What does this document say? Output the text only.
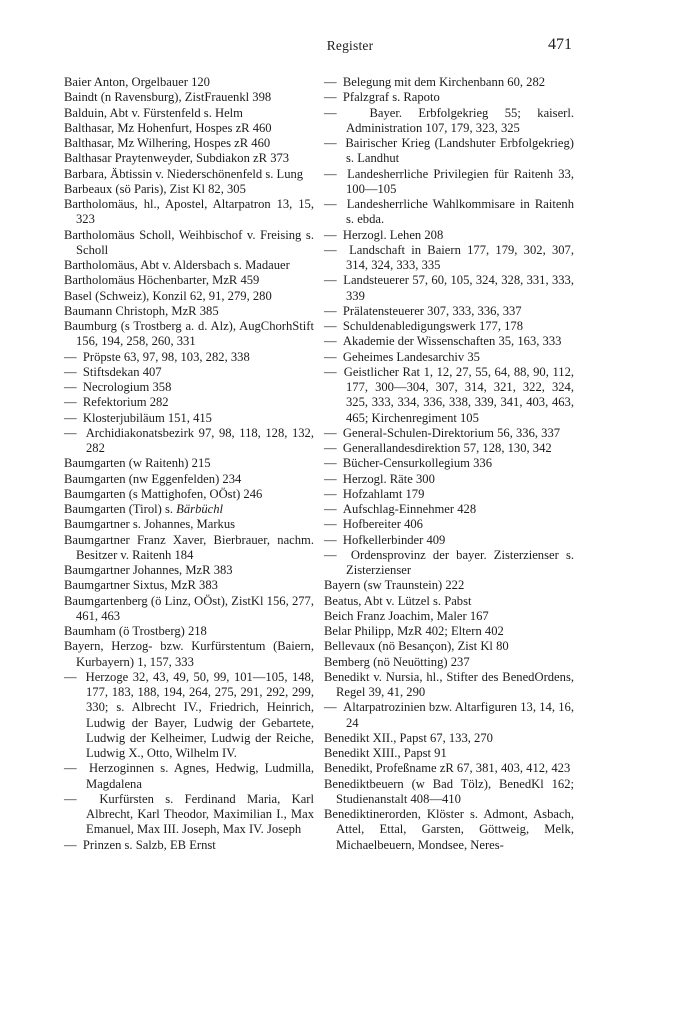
Register	471
Baier Anton, Orgelbauer 120
Baindt (n Ravensburg), ZistFrauenkl 398
Balduin, Abt v. Fürstenfeld s. Helm
Balthasar, Mz Hohenfurt, Hospes zR 460
Balthasar, Mz Wilhering, Hospes zR 460
Balthasar Praytenweyder, Subdiakon zR 373
Barbara, Äbtissin v. Niederschönenfeld s. Lung
Barbeaux (sö Paris), Zist Kl 82, 305
Bartholomäus, hl., Apostel, Altarpatron 13, 15, 323
Bartholomäus Scholl, Weihbischof v. Freising s. Scholl
Bartholomäus, Abt v. Aldersbach s. Madauer
Bartholomäus Höchenbarter, MzR 459
Basel (Schweiz), Konzil 62, 91, 279, 280
Baumann Christoph, MzR 385
Baumburg (s Trostberg a. d. Alz), AugChorhStift 156, 194, 258, 260, 331
—  Pröpste 63, 97, 98, 103, 282, 338
—  Stiftsdekan 407
—  Necrologium 358
—  Refektorium 282
—  Klosterjubiläum 151, 415
—  Archidiakonatsbezirk 97, 98, 118, 128, 132, 282
Baumgarten (w Raitenh) 215
Baumgarten (nw Eggenfelden) 234
Baumgarten (s Mattighofen, OÖst) 246
Baumgarten (Tirol) s. Bärbüchl
Baumgartner s. Johannes, Markus
Baumgartner Franz Xaver, Bierbrauer, nachm. Besitzer v. Raitenh 184
Baumgartner Johannes, MzR 383
Baumgartner Sixtus, MzR 383
Baumgartenberg (ö Linz, OÖst), ZistKl 156, 277, 461, 463
Baumham (ö Trostberg) 218
Bayern, Herzog- bzw. Kurfürstentum (Baiern, Kurbayern) 1, 157, 333
—  Herzoge 32, 43, 49, 50, 99, 101—105, 148, 177, 183, 188, 194, 264, 275, 291, 292, 299, 330; s. Albrecht IV., Friedrich, Heinrich, Ludwig der Bayer, Ludwig der Gebartete, Ludwig der Kelheimer, Ludwig der Reiche, Ludwig X., Otto, Wilhelm IV.
—  Herzoginnen s. Agnes, Hedwig, Ludmilla, Magdalena
—  Kurfürsten s. Ferdinand Maria, Karl Albrecht, Karl Theodor, Maximilian I., Max Emanuel, Max III. Joseph, Max IV. Joseph
—  Prinzen s. Salzb, EB Ernst
—  Belegung mit dem Kirchenbann 60, 282
—  Pfalzgraf s. Rapoto
—  Bayer. Erbfolgekrieg 55; kaiserl. Administration 107, 179, 323, 325
—  Bairischer Krieg (Landshuter Erbfolgekrieg) s. Landhut
—  Landesherrliche Privilegien für Raitenh 33, 100—105
—  Landesherrliche Wahlkommisare in Raitenh s. ebda.
—  Herzogl. Lehen 208
—  Landschaft in Baiern 177, 179, 302, 307, 314, 324, 333, 335
—  Landsteuerer 57, 60, 105, 324, 328, 331, 333, 339
—  Prälatensteuerer 307, 333, 336, 337
—  Schuldenabledigungswerk 177, 178
—  Akademie der Wissenschaften 35, 163, 333
—  Geheimes Landesarchiv 35
—  Geistlicher Rat 1, 12, 27, 55, 64, 88, 90, 112, 177, 300—304, 307, 314, 321, 322, 324, 325, 333, 334, 336, 338, 339, 341, 403, 463, 465; Kirchenregiment 105
—  General-Schulen-Direktorium 56, 336, 337
—  Generallandesdirektion 57, 128, 130, 342
—  Bücher-Censurkollegium 336
—  Herzogl. Räte 300
—  Hofzahlamt 179
—  Aufschlag-Einnehmer 428
—  Hofbereiter 406
—  Hofkellerbinder 409
—  Ordensprovinz der bayer. Zisterzienser s. Zisterzienser
Bayern (sw Traunstein) 222
Beatus, Abt v. Lützel s. Pabst
Beich Franz Joachim, Maler 167
Belar Philipp, MzR 402; Eltern 402
Bellevaux (nö Besançon), Zist Kl 80
Bemberg (nö Neuötting) 237
Benedikt v. Nursia, hl., Stifter des BenedOrdens, Regel 39, 41, 290
—  Altarpatrozinien bzw. Altarfiguren 13, 14, 16, 24
Benedikt XII., Papst 67, 133, 270
Benedikt XIII., Papst 91
Benedikt, Profeßname zR 67, 381, 403, 412, 423
Benediktbeuern (w Bad Tölz), BenedKl 162; Studienanstalt 408—410
Benediktinerorden, Klöster s. Admont, Asbach, Attel, Ettal, Garsten, Göttweig, Melk, Michaelbeuern, Mondsee, Neres-
